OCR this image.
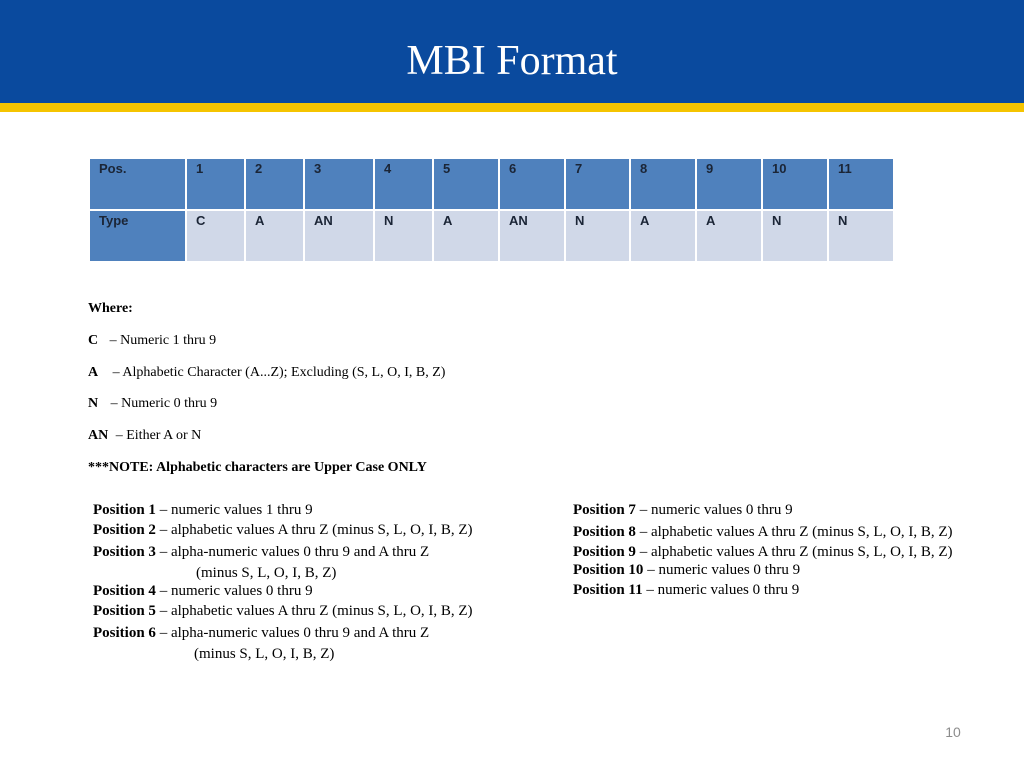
MBI Format
Pos.	1	2	3	4	5	6	7	8	9	10	11
Type	C	A	AN	N	A	AN	N	A	A	N	N
Where:
C – Numeric 1 thru 9
A – Alphabetic Character (A...Z); Excluding (S, L, O, I, B, Z)
N – Numeric 0 thru 9
AN – Either A or N
***NOTE: Alphabetic characters are Upper Case ONLY
Position 1 – numeric values 1 thru 9
Position 2 – alphabetic values A thru Z (minus S, L, O, I, B, Z)
Position 3 – alpha-numeric values 0 thru 9 and A thru Z
(minus S, L, O, I, B, Z)
Position 4 – numeric values 0 thru 9
Position 5 – alphabetic values A thru Z (minus S, L, O, I, B, Z)
Position 6 – alpha-numeric values 0 thru 9 and A thru Z
(minus S, L, O, I, B, Z)
Position 7 – numeric values 0 thru 9
Position 8 – alphabetic values A thru Z (minus S, L, O, I, B, Z)
Position 9 – alphabetic values A thru Z (minus S, L, O, I, B, Z)
Position 10 – numeric values 0 thru 9
Position 11 – numeric values 0 thru 9
10
